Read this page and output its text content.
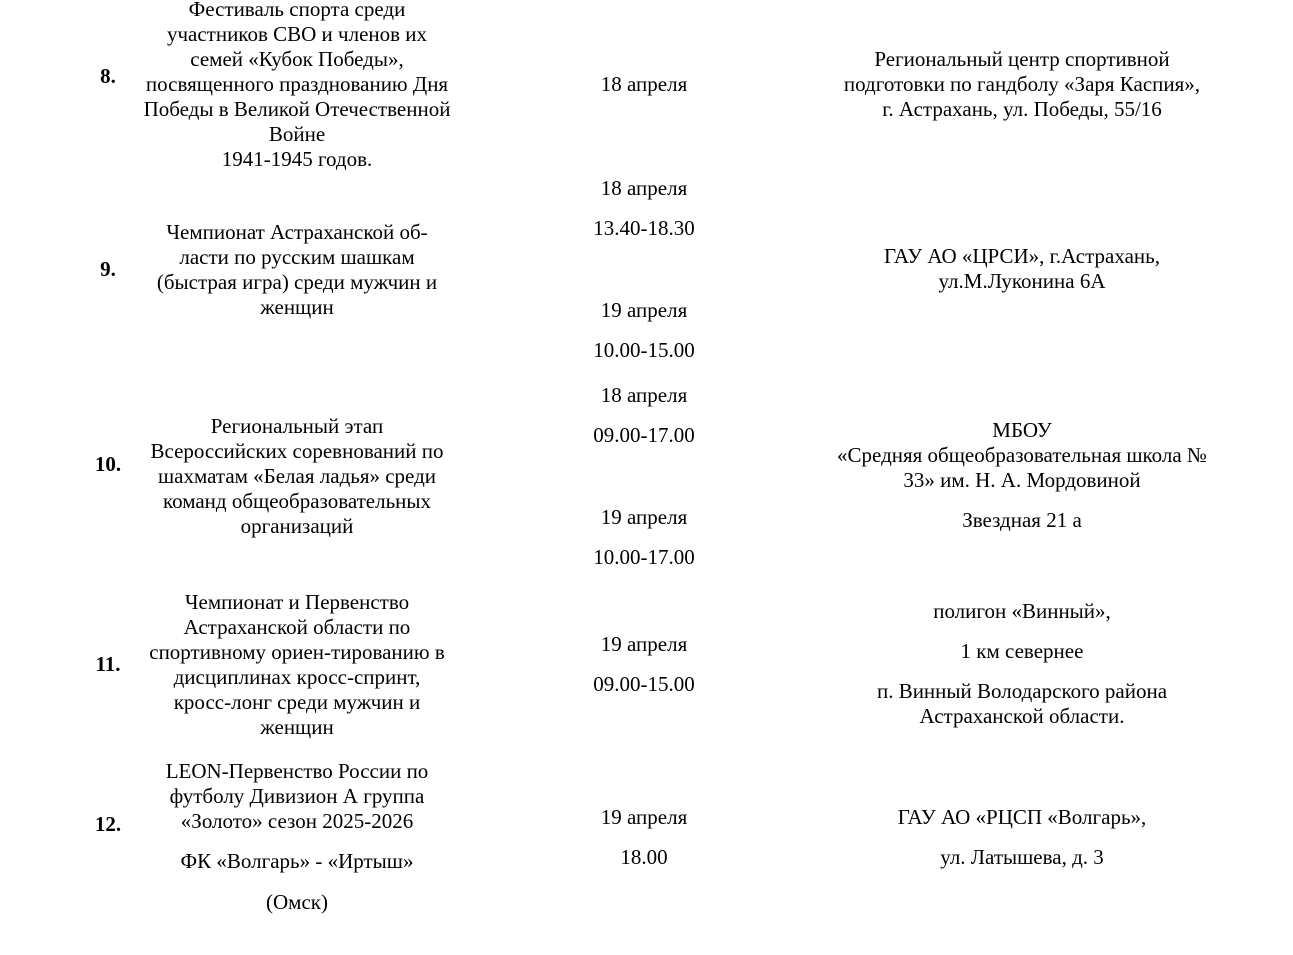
8.

Фестиваль спорта среди

участников СВО и членов их

семей «Кубок Победы»,

посвященного празднованию Дня

Победы в Великой Отечественной

Войне

1941-1945 годов.

18 апреля

Региональный центр спортивной

подготовки по гандболу «Заря Каспия»,

г. Астрахань, ул. Победы, 55/16

9.

Чемпионат Астраханской об-

ласти по русским шашкам

(быстрая игра) среди мужчин и

женщин

18 апреля

13.40-18.30

19 апреля

10.00-15.00

ГАУ АО «ЦРСИ», г.Астрахань,

ул.М.Луконина 6А

10.

Региональный этап

Всероссийских соревнований по

шахматам «Белая ладья» среди

команд общеобразовательных

организаций

18 апреля

09.00-17.00

19 апреля

10.00-17.00

МБОУ

«Средняя общеобразовательная школа №

33» им. Н. А. Мордовиной

Звездная 21 а

11.

Чемпионат и Первенство

Астраханской области по

спортивному ориен-тированию в

дисциплинах кросс-спринт,

кросс-лонг среди мужчин и

женщин

19 апреля

09.00-15.00

полигон «Винный»,

1 км севернее

п. Винный Володарского района

Астраханской области.

12.

LEON-Первенство России по

футболу Дивизион А группа

«Золото» сезон 2025-2026

ФК «Волгарь» - «Иртыш»

(Омск)

19 апреля

18.00

ГАУ АО «РЦСП «Волгарь»,

ул. Латышева, д. 3
